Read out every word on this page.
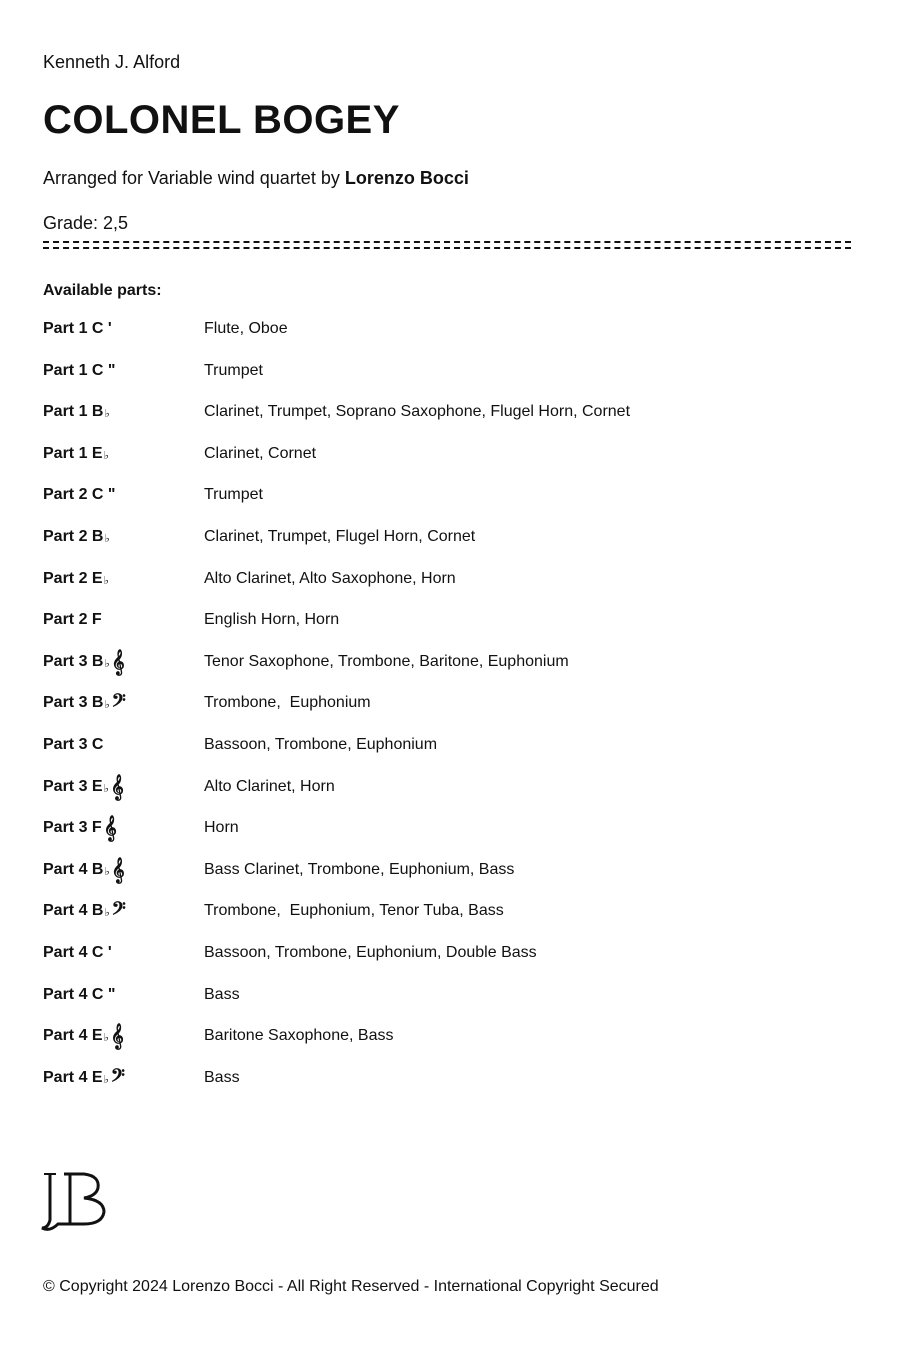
Kenneth J. Alford
COLONEL BOGEY
Arranged for Variable wind quartet by Lorenzo Bocci
Grade: 2,5
Available parts:
Part 1 C '	Flute, Oboe
Part 1 C "	Trumpet
Part 1 B♭	Clarinet, Trumpet, Soprano Saxophone, Flugel Horn, Cornet
Part 1 E♭	Clarinet, Cornet
Part 2 C "	Trumpet
Part 2 B♭	Clarinet, Trumpet, Flugel Horn, Cornet
Part 2 E♭	Alto Clarinet, Alto Saxophone, Horn
Part 2 F	English Horn, Horn
Part 3 B♭𝄞	Tenor Saxophone, Trombone, Baritone, Euphonium
Part 3 B♭𝄢	Trombone,  Euphonium
Part 3 C	Bassoon, Trombone, Euphonium
Part 3 E♭𝄞	Alto Clarinet, Horn
Part 3 F𝄞	Horn
Part 4 B♭𝄞	Bass Clarinet, Trombone, Euphonium, Bass
Part 4 B♭𝄢	Trombone,  Euphonium, Tenor Tuba, Bass
Part 4 C '	Bassoon, Trombone, Euphonium, Double Bass
Part 4 C "	Bass
Part 4 E♭𝄞	Baritone Saxophone, Bass
Part 4 E♭𝄢	Bass
© Copyright 2024 Lorenzo Bocci - All Right Reserved - International Copyright Secured
